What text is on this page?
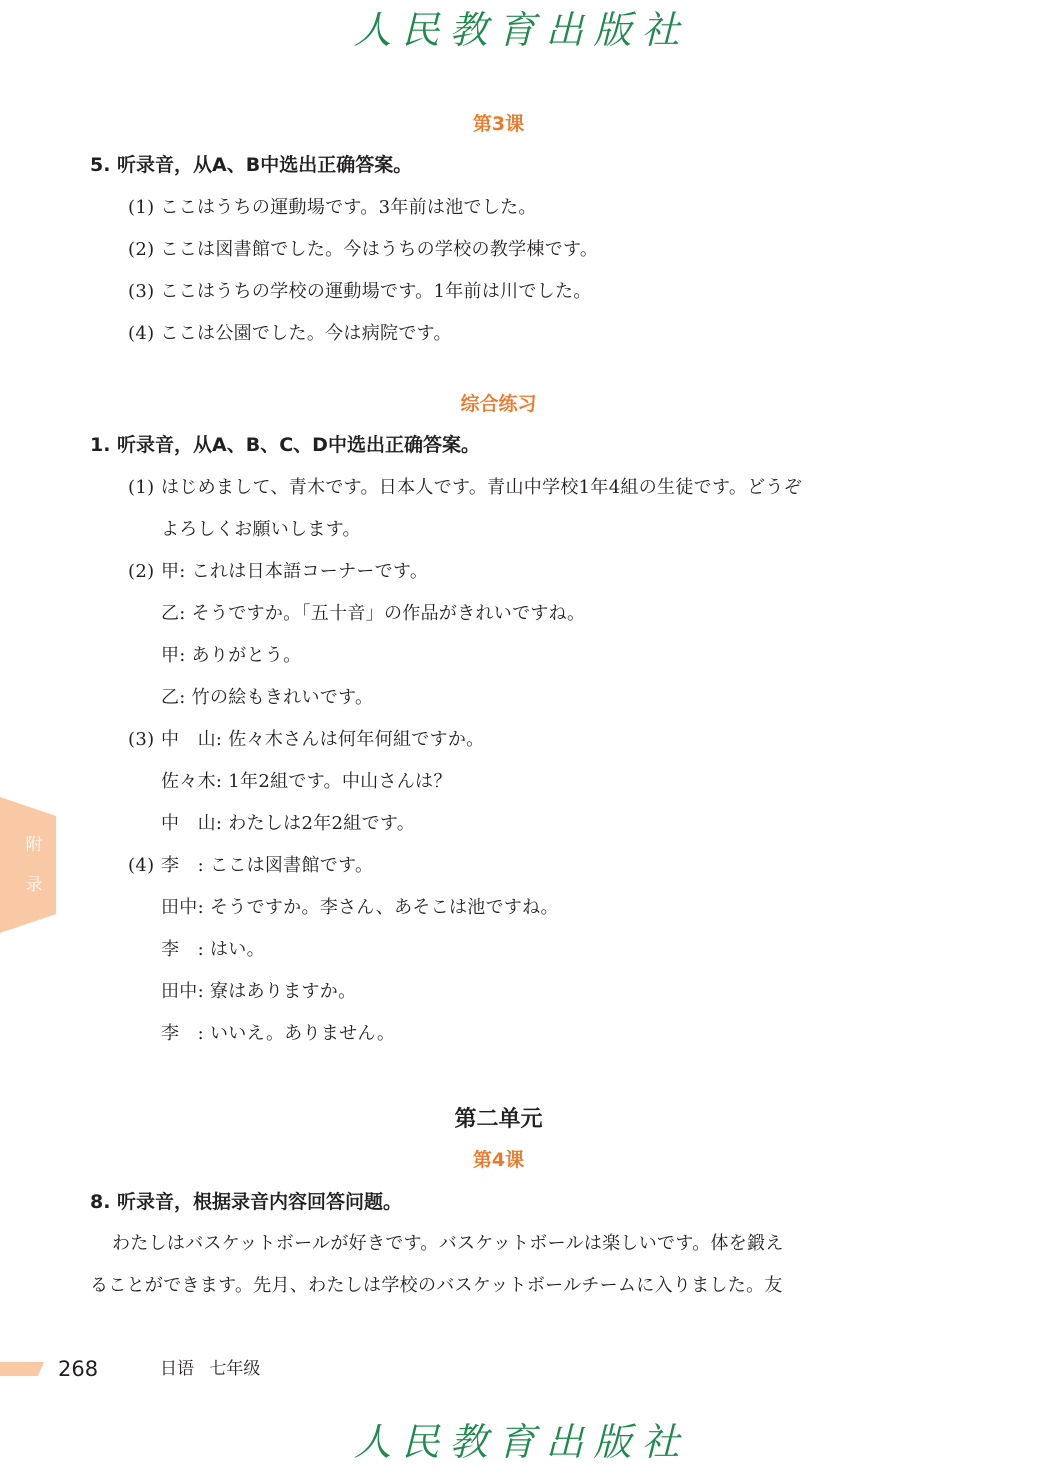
人民教育出版社
第3课
5. 听录音，从A、B中选出正确答案。
(1) ここはうちの運動場です。3年前は池でした。
(2) ここは図書館でした。今はうちの学校の教学棟です。
(3) ここはうちの学校の運動場です。1年前は川でした。
(4) ここは公園でした。今は病院です。
综合练习
1. 听录音，从A、B、C、D中选出正确答案。
(1) はじめまして、青木です。日本人です。青山中学校1年4組の生徒です。どうぞ
よろしくお願いします。
(2) 甲: これは日本語コーナーです。
乙: そうですか。「五十音」の作品がきれいですね。
甲: ありがとう。
乙: 竹の絵もきれいです。
(3) 中　山: 佐々木さんは何年何組ですか。
佐々木: 1年2組です。中山さんは？
中　山: わたしは2年2組です。
(4) 李　: ここは図書館です。
田中: そうですか。李さん、あそこは池ですね。
李　: はい。
田中: 寮はありますか。
李　: いいえ。ありません。
第二单元
第4课
8. 听录音，根据录音内容回答问题。
わたしはバスケットボールが好きです。バスケットボールは楽しいです。体を鍛え
ることができます。先月、わたしは学校のバスケットボールチームに入りました。友
附
录
268	日语 七年级
人民教育出版社
